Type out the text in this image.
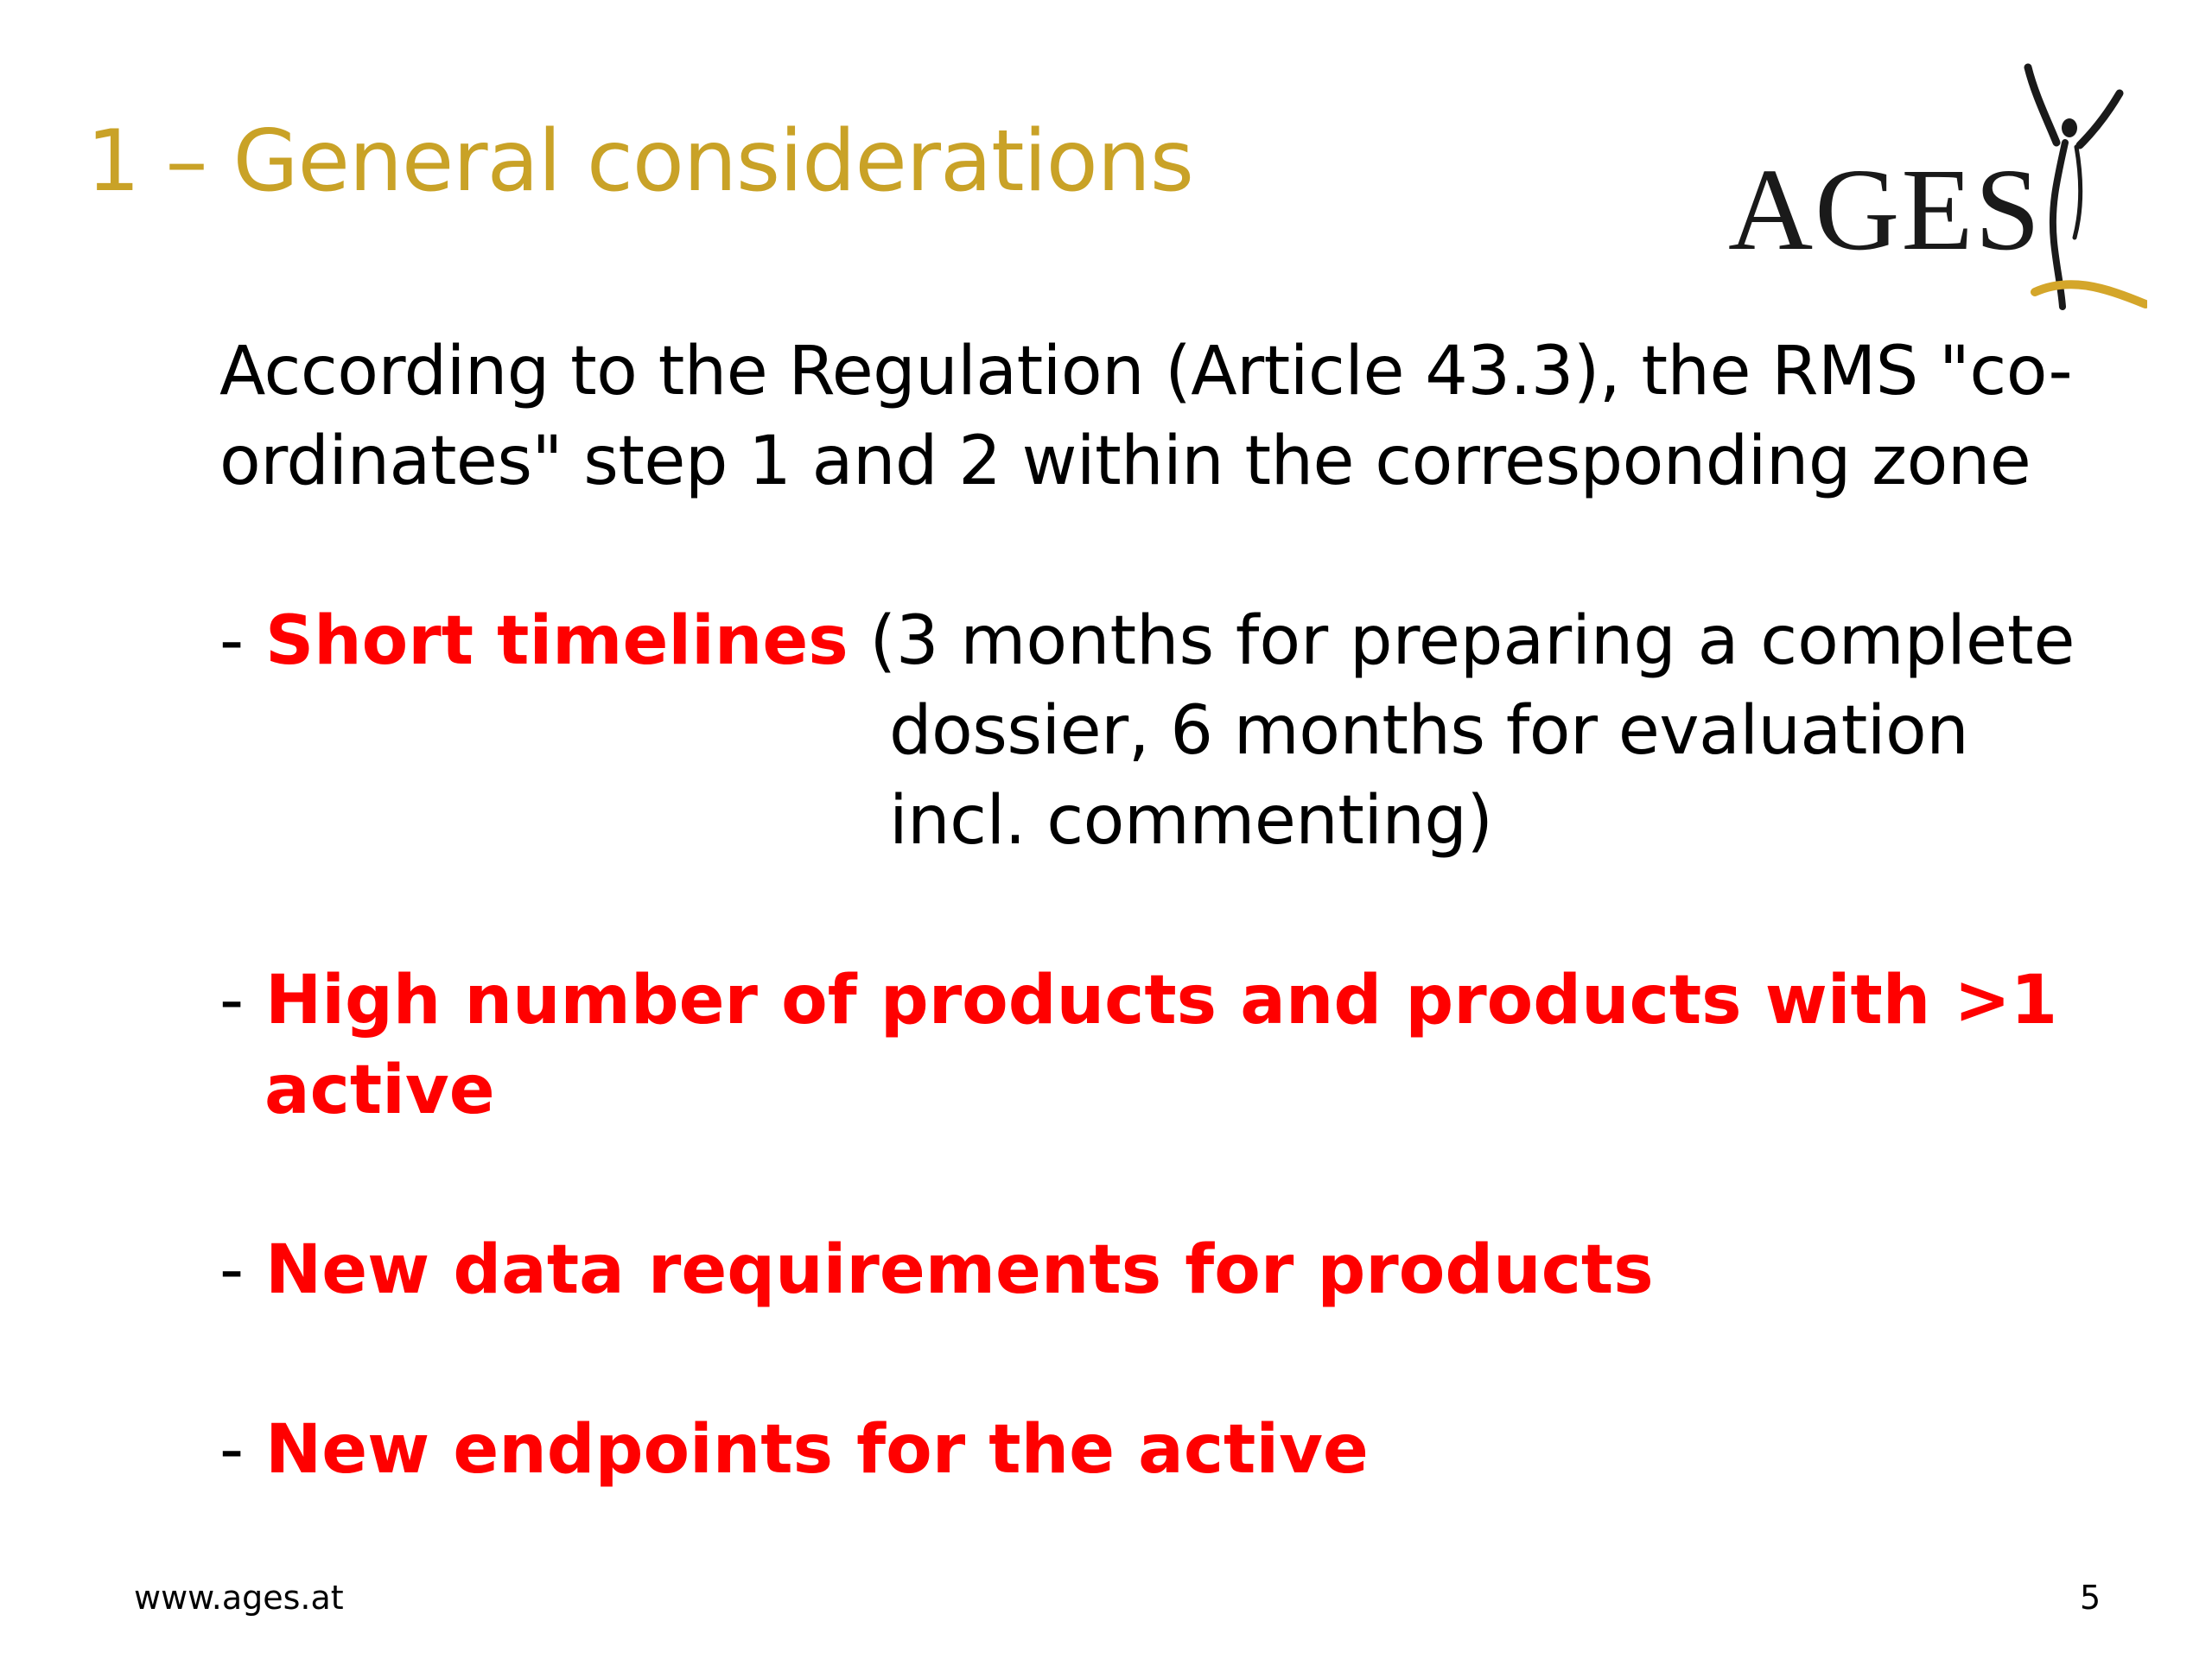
1 – General considerations	AGES

According to the Regulation (Article 43.3), the RMS "co-
ordinates" step 1 and 2 within the corresponding zone

- Short timelines (3 months for preparing a complete
dossier, 6 months for evaluation
incl. commenting)

- High number of products and products with >1
active

- New data requirements for products

- New endpoints for the active

www.ages.at	5
